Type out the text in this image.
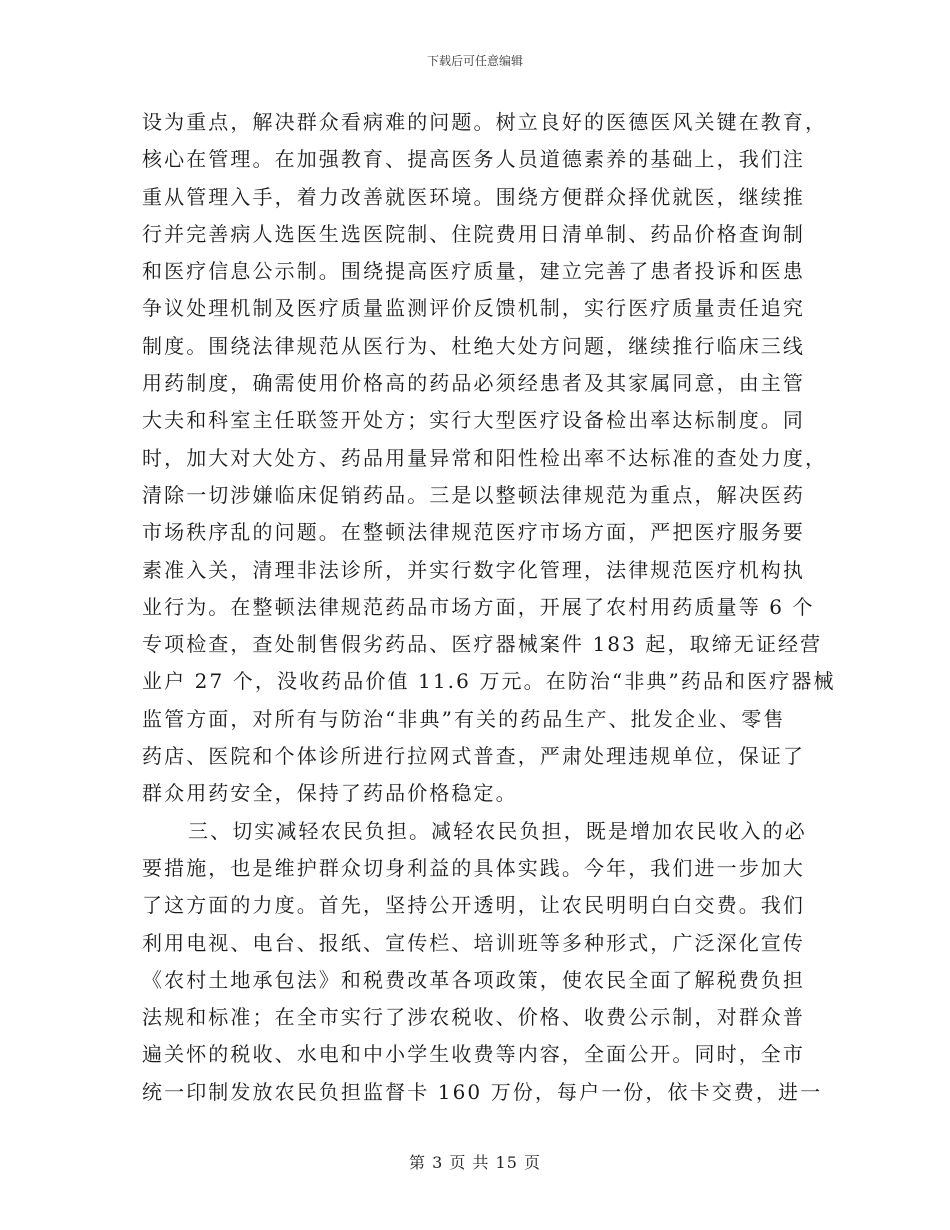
下载后可任意编辑
设为重点，解决群众看病难的问题。树立良好的医德医风关键在教育，
核心在管理。在加强教育、提高医务人员道德素养的基础上，我们注
重从管理入手，着力改善就医环境。围绕方便群众择优就医，继续推
行并完善病人选医生选医院制、住院费用日清单制、药品价格查询制
和医疗信息公示制。围绕提高医疗质量，建立完善了患者投诉和医患
争议处理机制及医疗质量监测评价反馈机制，实行医疗质量责任追究
制度。围绕法律规范从医行为、杜绝大处方问题，继续推行临床三线
用药制度，确需使用价格高的药品必须经患者及其家属同意，由主管
大夫和科室主任联签开处方；实行大型医疗设备检出率达标制度。同
时，加大对大处方、药品用量异常和阳性检出率不达标准的查处力度，
清除一切涉嫌临床促销药品。三是以整顿法律规范为重点，解决医药
市场秩序乱的问题。在整顿法律规范医疗市场方面，严把医疗服务要
素准入关，清理非法诊所，并实行数字化管理，法律规范医疗机构执
业行为。在整顿法律规范药品市场方面，开展了农村用药质量等 6 个
专项检查，查处制售假劣药品、医疗器械案件 183 起，取缔无证经营
业户 27 个，没收药品价值 11.6 万元。在防治“非典”药品和医疗器械
监管方面，对所有与防治“非典”有关的药品生产、批发企业、零售
药店、医院和个体诊所进行拉网式普查，严肃处理违规单位，保证了
群众用药安全，保持了药品价格稳定。
三、切实减轻农民负担。减轻农民负担，既是增加农民收入的必
要措施，也是维护群众切身利益的具体实践。今年，我们进一步加大
了这方面的力度。首先，坚持公开透明，让农民明明白白交费。我们
利用电视、电台、报纸、宣传栏、培训班等多种形式，广泛深化宣传
《农村土地承包法》和税费改革各项政策，使农民全面了解税费负担
法规和标准；在全市实行了涉农税收、价格、收费公示制，对群众普
遍关怀的税收、水电和中小学生收费等内容，全面公开。同时，全市
统一印制发放农民负担监督卡 160 万份，每户一份，依卡交费，进一
第 3 页 共 15 页
